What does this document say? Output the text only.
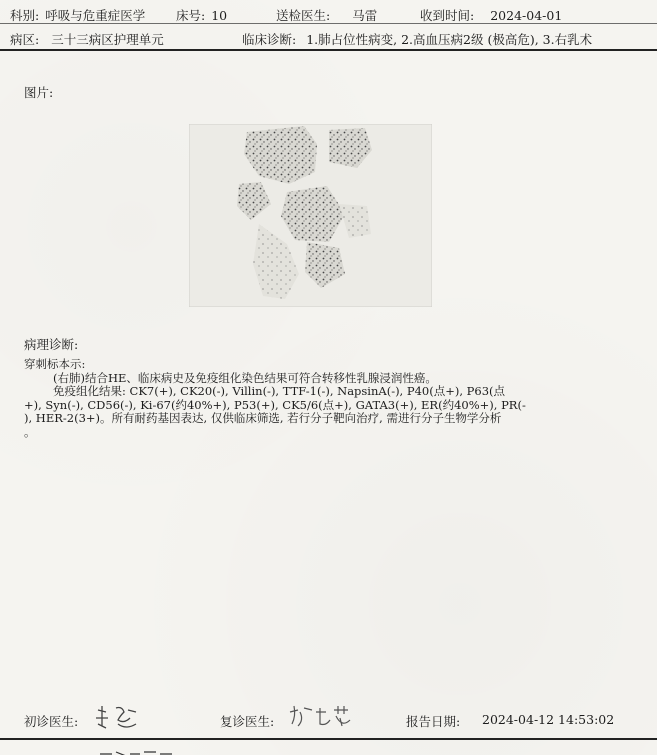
科别: 呼吸与危重症医学 床号: 10	送检医生: 马雷	收到时间: 2024-04-01
病区: 三十三病区护理单元	临床诊断: 1.肺占位性病变, 2.高血压病2级 (极高危), 3.右乳术
图片:
病理诊断:
穿刺标本示:
(右肺)结合HE、临床病史及免疫组化染色结果可符合转移性乳腺浸润性癌。
免疫组化结果: CK7(+), CK20(-), Villin(-), TTF-1(-), NapsinA(-), P40(点+), P63(点
+), Syn(-), CD56(-), Ki-67(约40%+), P53(+), CK5/6(点+), GATA3(+), ER(约40%+), PR(-
), HER-2(3+)。所有耐药基因表达, 仅供临床筛选, 若行分子靶向治疗, 需进行分子生物学分析
。
初诊医生:	复诊医生:	报告日期: 2024-04-12 14:53:02
